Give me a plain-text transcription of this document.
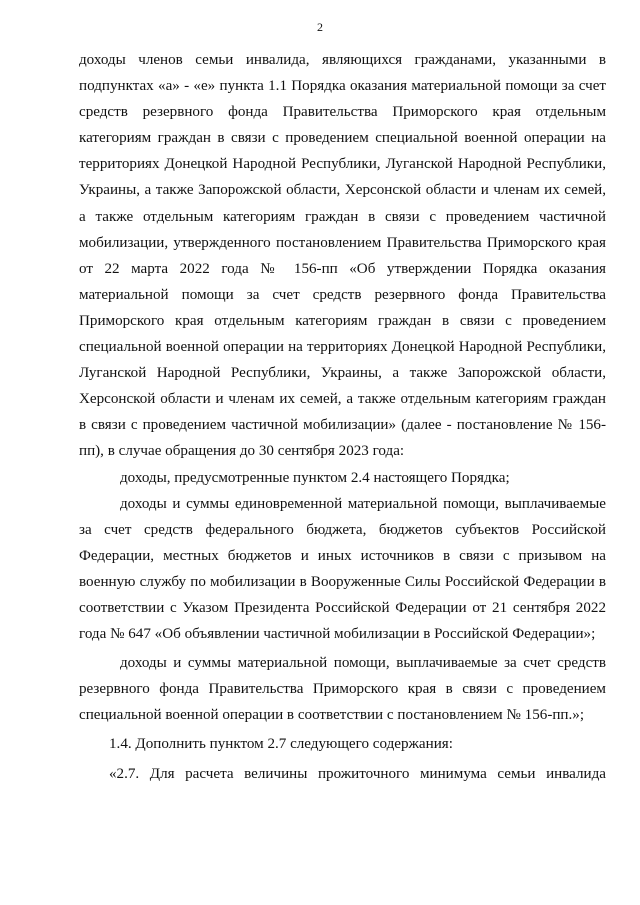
2

доходы членов семьи инвалида, являющихся гражданами, указанными в подпунктах «а» - «е» пункта 1.1 Порядка оказания материальной помощи за счет средств резервного фонда Правительства Приморского края отдельным категориям граждан в связи с проведением специальной военной операции на территориях Донецкой Народной Республики, Луганской Народной Республики, Украины, а также Запорожской области, Херсонской области и членам их семей, а также отдельным категориям граждан в связи с проведением частичной мобилизации, утвержденного постановлением Правительства Приморского края от 22 марта 2022 года № 156-пп «Об утверждении Порядка оказания материальной помощи за счет средств резервного фонда Правительства Приморского края отдельным категориям граждан в связи с проведением специальной военной операции на территориях Донецкой Народной Республики, Луганской Народной Республики, Украины, а также Запорожской области, Херсонской области и членам их семей, а также отдельным категориям граждан в связи с проведением частичной мобилизации» (далее - постановление № 156-пп), в случае обращения до 30 сентября 2023 года:

доходы, предусмотренные пунктом 2.4 настоящего Порядка;

доходы и суммы единовременной материальной помощи, выплачиваемые за счет средств федерального бюджета, бюджетов субъектов Российской Федерации, местных бюджетов и иных источников в связи с призывом на военную службу по мобилизации в Вооруженные Силы Российской Федерации в соответствии с Указом Президента Российской Федерации от 21 сентября 2022 года № 647 «Об объявлении частичной мобилизации в Российской Федерации»;

доходы и суммы материальной помощи, выплачиваемые за счет средств резервного фонда Правительства Приморского края в связи с проведением специальной военной операции в соответствии с постановлением № 156-пп.»;

1.4. Дополнить пунктом 2.7 следующего содержания:

«2.7. Для расчета величины прожиточного минимума семьи инвалида
